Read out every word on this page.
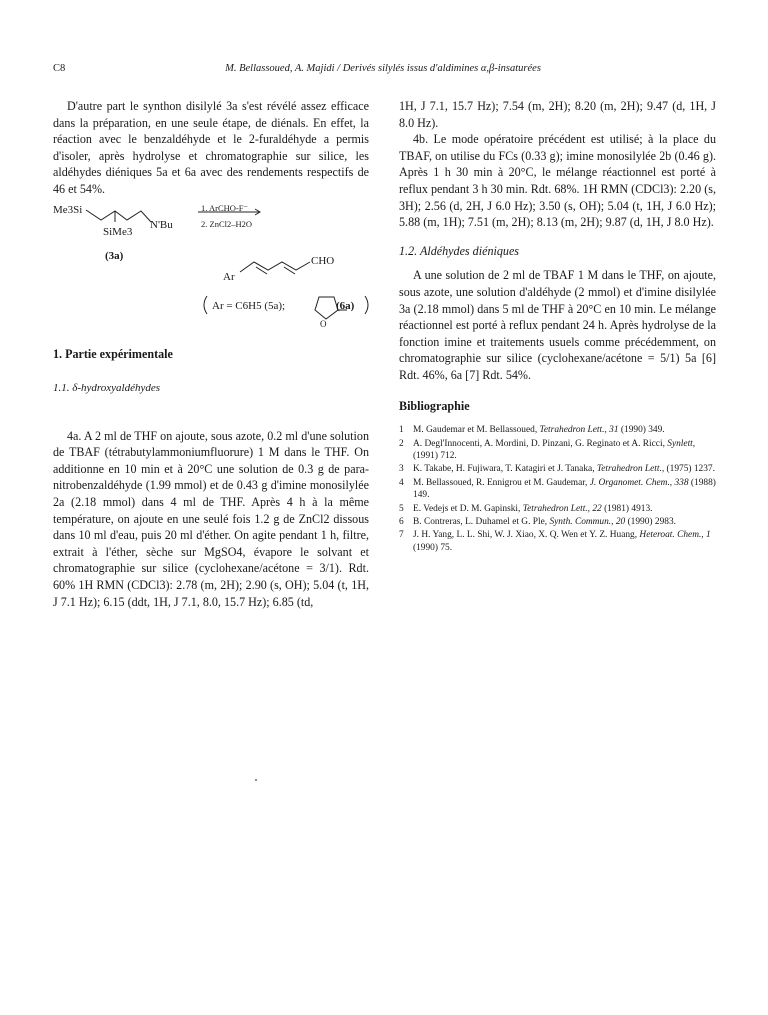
C8	M. Bellassoued, A. Majidi / Derivés silylés issus d'aldimines α,β-insaturées

D'autre part le synthon disilylé 3a s'est révélé assez efficace dans la préparation, en une seule étape, de diénals. En effet, la réaction avec le benzaldéhyde et le 2-furaldéhyde a permis d'isoler, après hydrolyse et chromatographie sur silice, les aldéhydes diéniques 5a et 6a avec des rendements respectifs de 46 et 54%.

Me3Si
N'Bu
SiMe3
(3a)
1. ArCHO-F⁻
2. ZnCl2–H2O
Ar
CHO
Ar = C6H5 (5a);
O
(6a)
1. Partie expérimentale
1.1. δ-hydroxyaldéhydes

4a. A 2 ml de THF on ajoute, sous azote, 0.2 ml d'une solution de TBAF (tétrabutylammoniumfluorure) 1 M dans le THF. On additionne en 10 min et à 20°C une solution de 0.3 g de para-nitrobenzaldéhyde (1.99 mmol) et de 0.43 g d'imine monosilylée 2a (2.18 mmol) dans 4 ml de THF. Après 4 h à la même température, on ajoute en une seulé fois 1.2 g de ZnCl2 dissous dans 10 ml d'eau, puis 20 ml d'éther. On agite pendant 1 h, filtre, extrait à l'éther, sèche sur MgSO4, évapore le solvant et chromatographie sur silice (cyclohexane/acétone = 3/1). Rdt. 60% 1H RMN (CDCl3): 2.78 (m, 2H); 2.90 (s, OH); 5.04 (t, 1H, J 7.1 Hz); 6.15 (ddt, 1H, J 7.1, 8.0, 15.7 Hz); 6.85 (td,

1H, J 7.1, 15.7 Hz); 7.54 (m, 2H); 8.20 (m, 2H); 9.47 (d, 1H, J 8.0 Hz).

4b. Le mode opératoire précédent est utilisé; à la place du TBAF, on utilise du FCs (0.33 g); imine monosilylée 2b (0.46 g). Après 1 h 30 min à 20°C, le mélange réactionnel est porté à reflux pendant 3 h 30 min. Rdt. 68%. 1H RMN (CDCl3): 2.20 (s, 3H); 2.56 (d, 2H, J 6.0 Hz); 3.50 (s, OH); 5.04 (t, 1H, J 6.0 Hz); 5.88 (m, 1H); 7.51 (m, 2H); 8.13 (m, 2H); 9.87 (d, 1H, J 8.0 Hz).

1.2. Aldéhydes diéniques

A une solution de 2 ml de TBAF 1 M dans le THF, on ajoute, sous azote, une solution d'aldéhyde (2 mmol) et d'imine disilylée 3a (2.18 mmol) dans 5 ml de THF à 20°C en 10 min. Le mélange réactionnel est porté à reflux pendant 24 h. Après hydrolyse de la fonction imine et traitements usuels comme précédemment, on chromatographie sur silice (cyclohexane/acétone = 5/1) 5a [6] Rdt. 46%, 6a [7] Rdt. 54%.

Bibliographie

1 M. Gaudemar et M. Bellassoued, Tetrahedron Lett., 31 (1990) 349.
2 A. Degl'Innocenti, A. Mordini, D. Pinzani, G. Reginato et A. Ricci, Synlett, (1991) 712.
3 K. Takabe, H. Fujiwara, T. Katagiri et J. Tanaka, Tetrahedron Lett., (1975) 1237.
4 M. Bellassoued, R. Ennigrou et M. Gaudemar, J. Organomet. Chem., 338 (1988) 149.
5 E. Vedejs et D. M. Gapinski, Tetrahedron Lett., 22 (1981) 4913.
6 B. Contreras, L. Duhamel et G. Ple, Synth. Commun., 20 (1990) 2983.
7 J. H. Yang, L. L. Shi, W. J. Xiao, X. Q. Wen et Y. Z. Huang, Heteroat. Chem., 1 (1990) 75.
